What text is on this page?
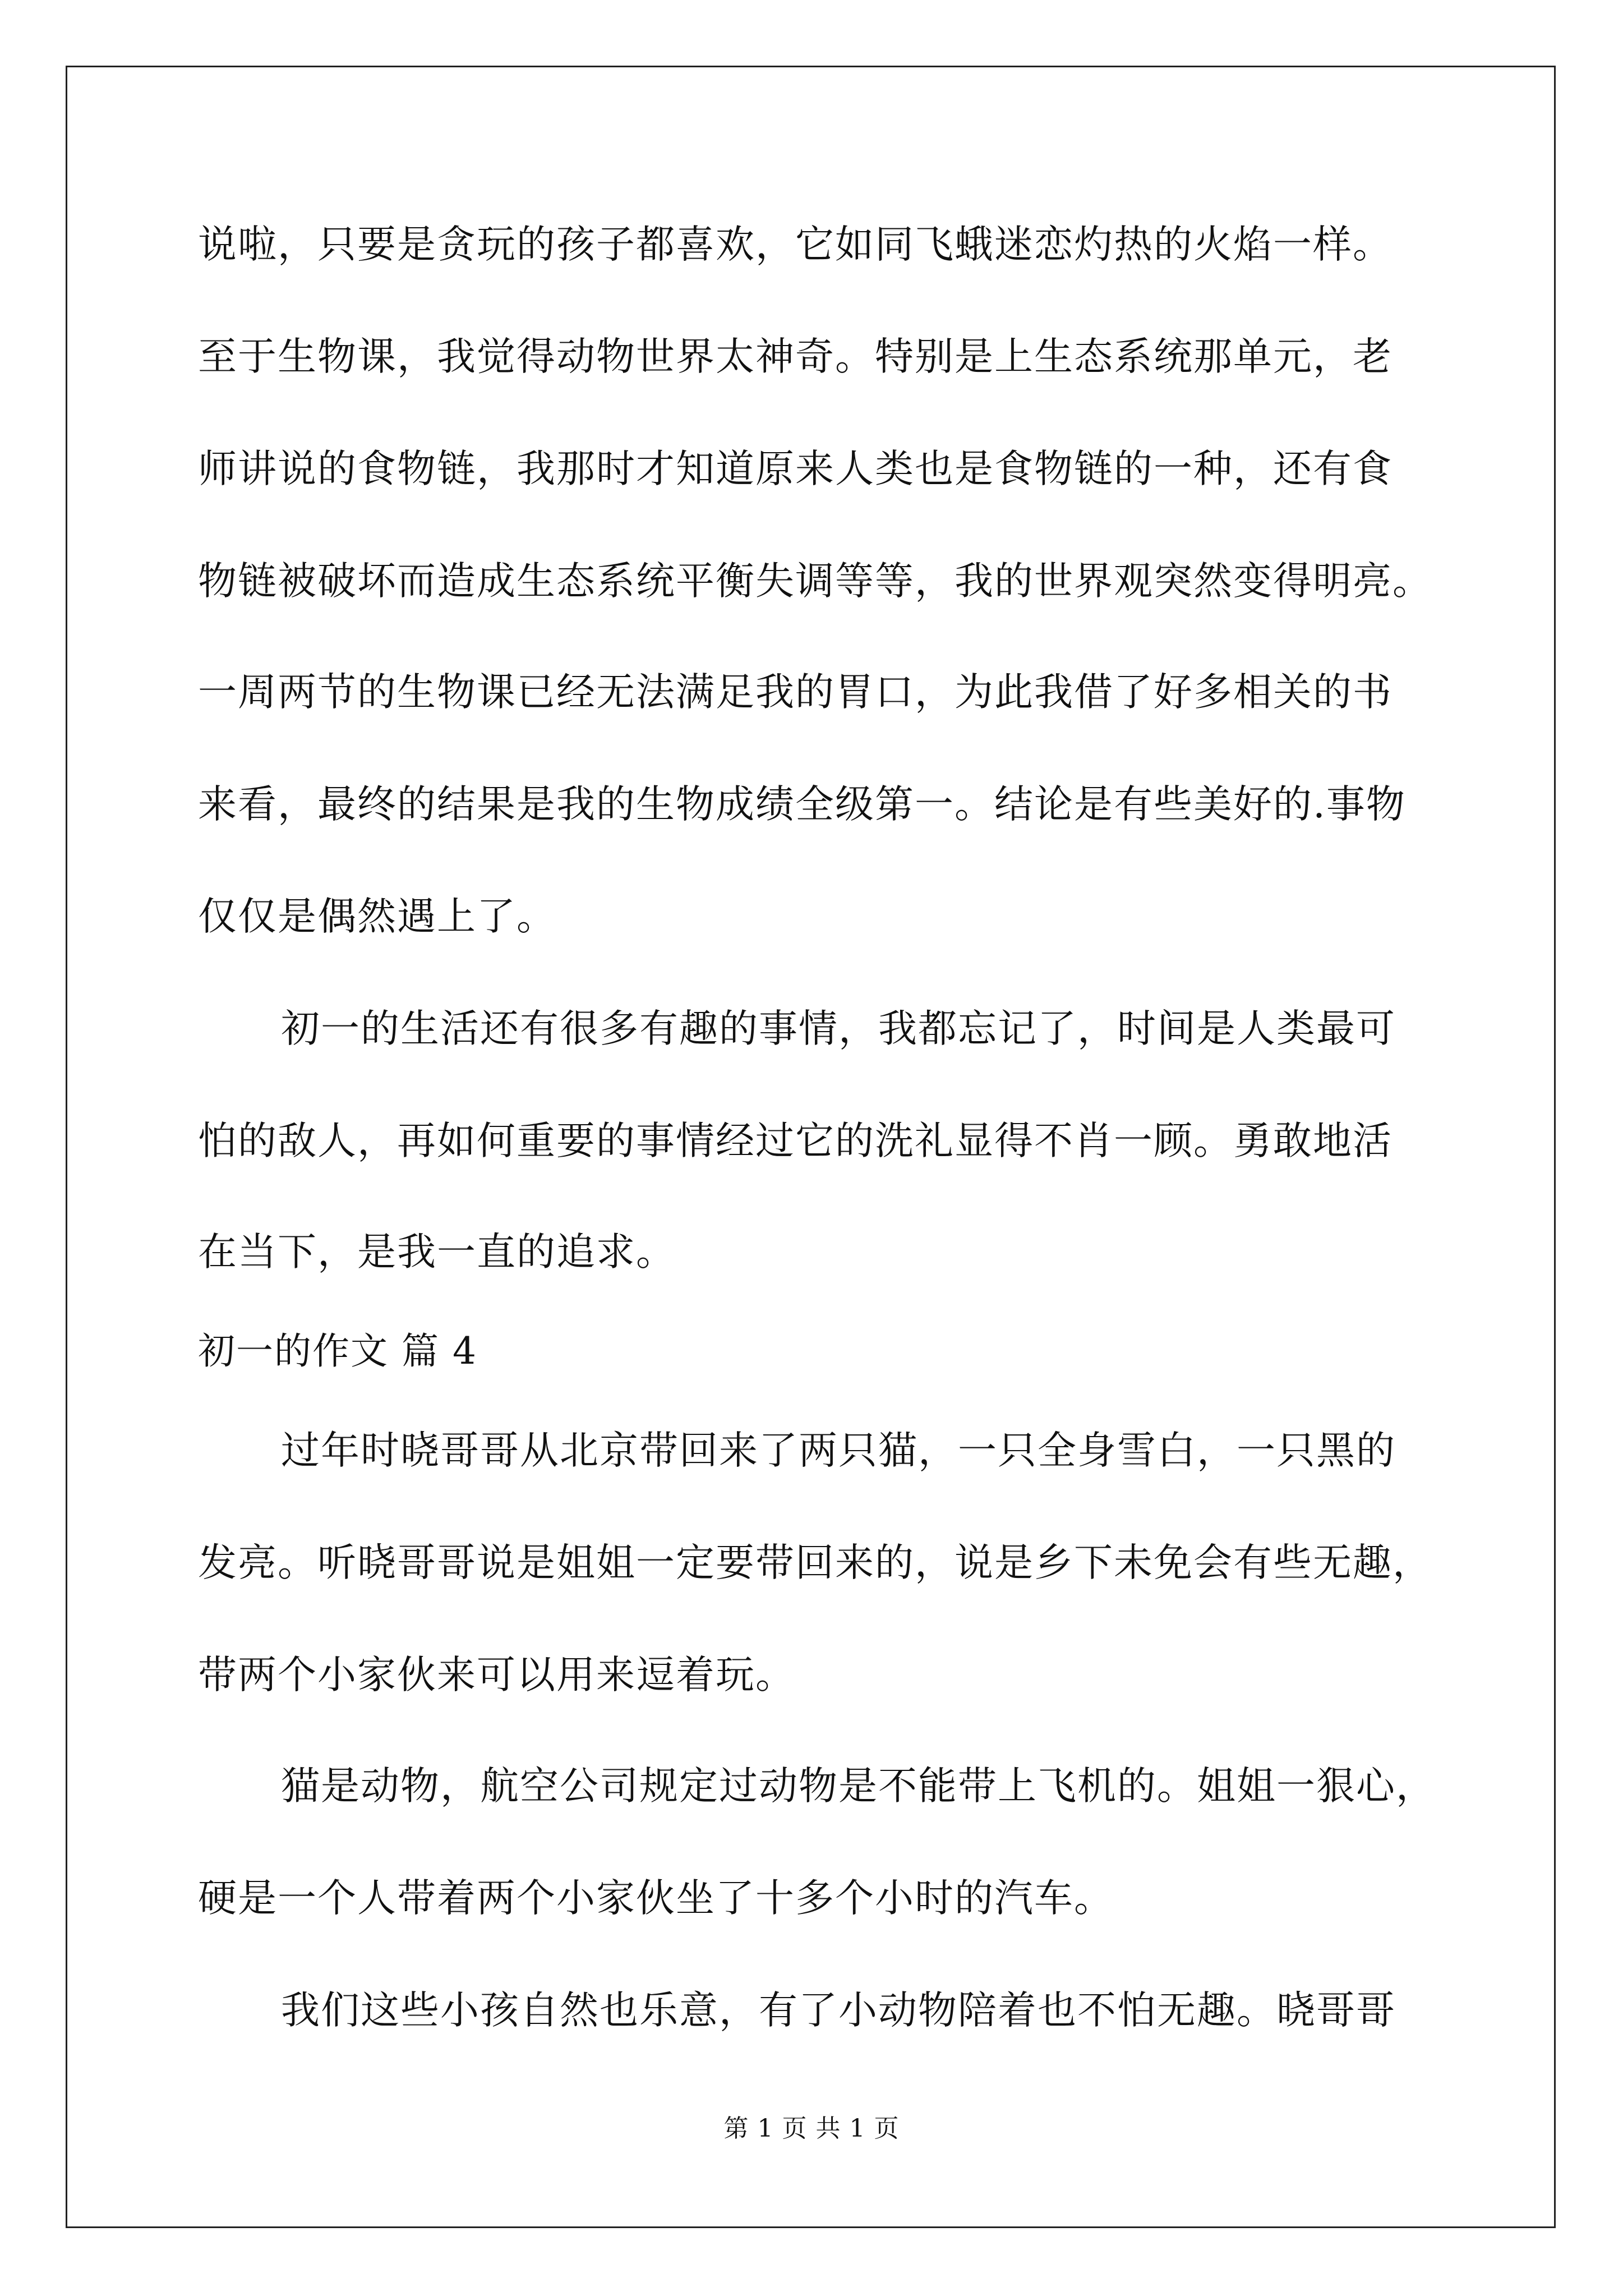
说啦，只要是贪玩的孩子都喜欢，它如同飞蛾迷恋灼热的火焰一样。
至于生物课，我觉得动物世界太神奇。特别是上生态系统那单元，老
师讲说的食物链，我那时才知道原来人类也是食物链的一种，还有食
物链被破坏而造成生态系统平衡失调等等，我的世界观突然变得明亮。
一周两节的生物课已经无法满足我的胃口，为此我借了好多相关的书
来看，最终的结果是我的生物成绩全级第一。结论是有些美好的.事物
仅仅是偶然遇上了。
初一的生活还有很多有趣的事情，我都忘记了，时间是人类最可
怕的敌人，再如何重要的事情经过它的洗礼显得不肖一顾。勇敢地活
在当下，是我一直的追求。
初一的作文 篇 4
过年时晓哥哥从北京带回来了两只猫，一只全身雪白，一只黑的
发亮。听晓哥哥说是姐姐一定要带回来的，说是乡下未免会有些无趣，
带两个小家伙来可以用来逗着玩。
猫是动物，航空公司规定过动物是不能带上飞机的。姐姐一狠心，
硬是一个人带着两个小家伙坐了十多个小时的汽车。
我们这些小孩自然也乐意，有了小动物陪着也不怕无趣。晓哥哥
第 1 页 共 1 页
